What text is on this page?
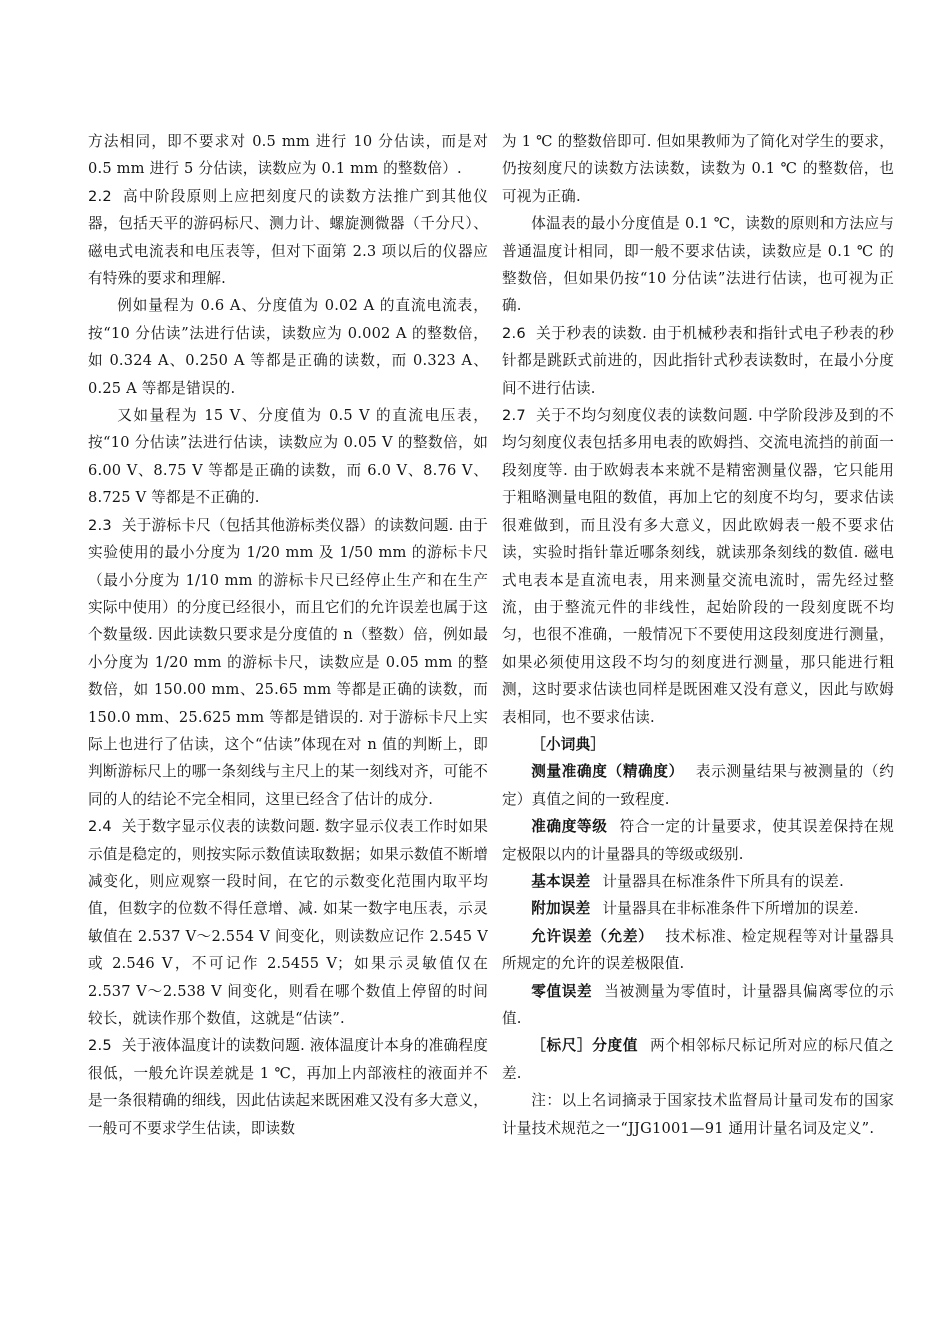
方法相同，即不要求对 0.5 mm 进行 10 分估读，而是对 0.5 mm 进行 5 分估读，读数应为 0.1 mm 的整数倍）.

2.2 高中阶段原则上应把刻度尺的读数方法推广到其他仪器，包括天平的游码标尺、测力计、螺旋测微器（千分尺）、磁电式电流表和电压表等，但对下面第 2.3 项以后的仪器应有特殊的要求和理解.

例如量程为 0.6 A、分度值为 0.02 A 的直流电流表，按“10 分估读”法进行估读，读数应为 0.002 A 的整数倍，如 0.324 A、0.250 A 等都是正确的读数，而 0.323 A、0.25 A 等都是错误的.

又如量程为 15 V、分度值为 0.5 V 的直流电压表，按“10 分估读”法进行估读，读数应为 0.05 V 的整数倍，如 6.00 V、8.75 V 等都是正确的读数，而 6.0 V、8.76 V、8.725 V 等都是不正确的.

2.3 关于游标卡尺（包括其他游标类仪器）的读数问题. 由于实验使用的最小分度为 1/20 mm 及 1/50 mm 的游标卡尺（最小分度为 1/10 mm 的游标卡尺已经停止生产和在生产实际中使用）的分度已经很小，而且它们的允许误差也属于这个数量级. 因此读数只要求是分度值的 n（整数）倍，例如最小分度为 1/20 mm 的游标卡尺，读数应是 0.05 mm 的整数倍，如 150.00 mm、25.65 mm 等都是正确的读数，而 150.0 mm、25.625 mm 等都是错误的. 对于游标卡尺上实际上也进行了估读，这个“估读”体现在对 n 值的判断上，即判断游标尺上的哪一条刻线与主尺上的某一刻线对齐，可能不同的人的结论不完全相同，这里已经含了估计的成分.

2.4 关于数字显示仪表的读数问题. 数字显示仪表工作时如果示值是稳定的，则按实际示数值读取数据；如果示数值不断增减变化，则应观察一段时间，在它的示数变化范围内取平均值，但数字的位数不得任意增、减. 如某一数字电压表，示灵敏值在 2.537 V～2.554 V 间变化，则读数应记作 2.545 V 或 2.546 V，不可记作 2.5455 V；如果示灵敏值仅在 2.537 V～2.538 V 间变化，则看在哪个数值上停留的时间较长，就读作那个数值，这就是“估读”.

2.5 关于液体温度计的读数问题. 液体温度计本身的准确程度很低，一般允许误差就是 1 ℃，再加上内部液柱的液面并不是一条很精确的细线，因此估读起来既困难又没有多大意义，一般可不要求学生估读，即读数

为 1 ℃ 的整数倍即可. 但如果教师为了简化对学生的要求，仍按刻度尺的读数方法读数，读数为 0.1 ℃ 的整数倍，也可视为正确.

体温表的最小分度值是 0.1 ℃，读数的原则和方法应与普通温度计相同，即一般不要求估读，读数应是 0.1 ℃ 的整数倍，但如果仍按“10 分估读”法进行估读，也可视为正确.

2.6 关于秒表的读数. 由于机械秒表和指针式电子秒表的秒针都是跳跃式前进的，因此指针式秒表读数时，在最小分度间不进行估读.

2.7 关于不均匀刻度仪表的读数问题. 中学阶段涉及到的不均匀刻度仪表包括多用电表的欧姆挡、交流电流挡的前面一段刻度等. 由于欧姆表本来就不是精密测量仪器，它只能用于粗略测量电阻的数值，再加上它的刻度不均匀，要求估读很难做到，而且没有多大意义，因此欧姆表一般不要求估读，实验时指针靠近哪条刻线，就读那条刻线的数值. 磁电式电表本是直流电表，用来测量交流电流时，需先经过整流，由于整流元件的非线性，起始阶段的一段刻度既不均匀，也很不准确，一般情况下不要使用这段刻度进行测量，如果必须使用这段不均匀的刻度进行测量，那只能进行粗测，这时要求估读也同样是既困难又没有意义，因此与欧姆表相同，也不要求估读.

［小词典］

测量准确度（精确度） 表示测量结果与被测量的（约定）真值之间的一致程度.

准确度等级 符合一定的计量要求，使其误差保持在规定极限以内的计量器具的等级或级别.

基本误差 计量器具在标准条件下所具有的误差.

附加误差 计量器具在非标准条件下所增加的误差.

允许误差（允差） 技术标准、检定规程等对计量器具所规定的允许的误差极限值.

零值误差 当被测量为零值时，计量器具偏离零位的示值.

［标尺］分度值 两个相邻标尺标记所对应的标尺值之差.

注：以上名词摘录于国家技术监督局计量司发布的国家计量技术规范之一“JJG1001—91 通用计量名词及定义”.
